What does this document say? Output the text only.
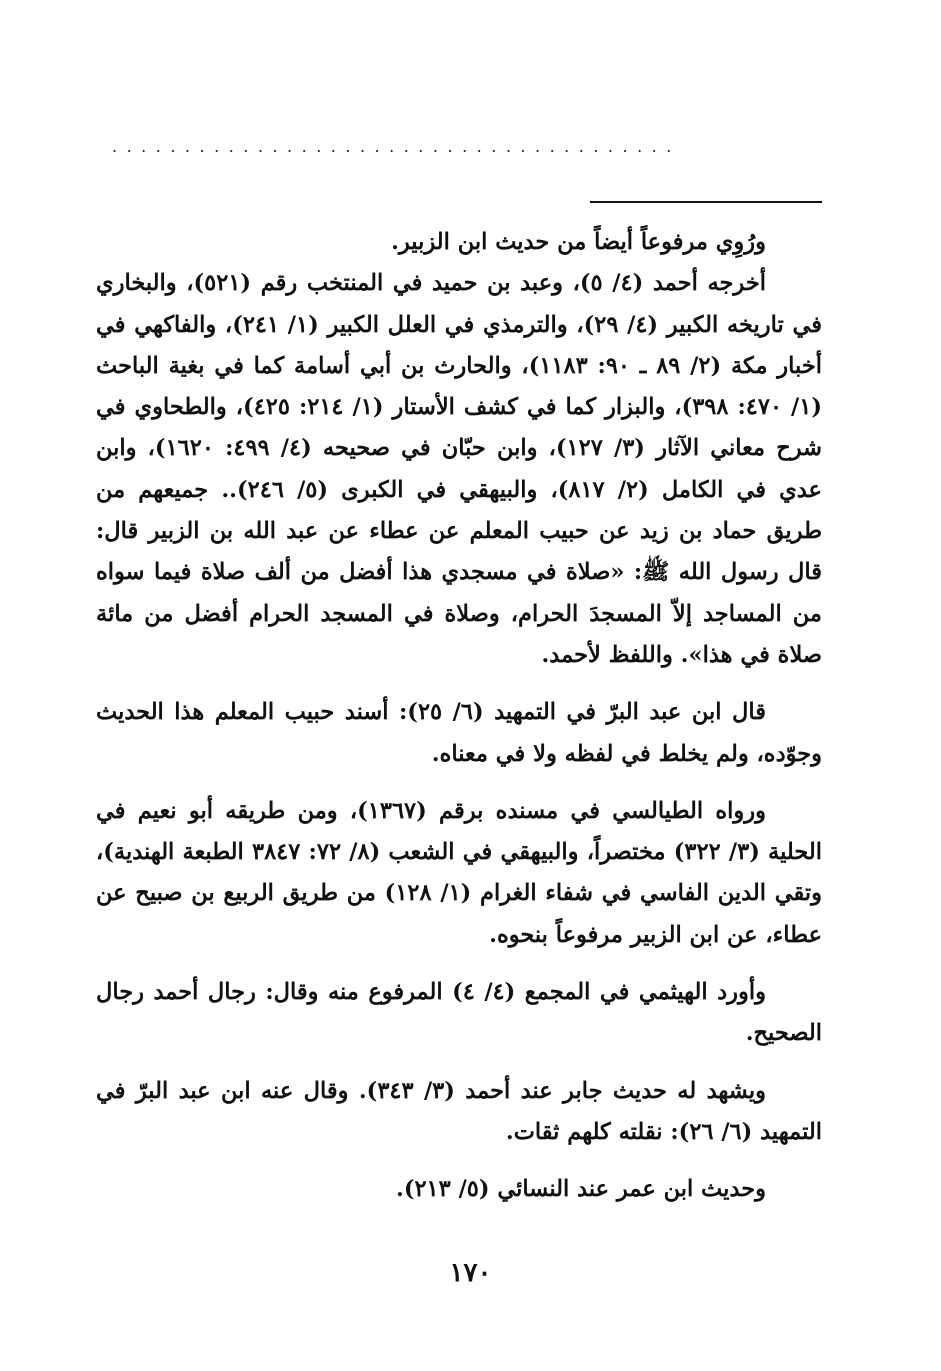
.......................................

ورُوِي مرفوعاً أيضاً من حديث ابن الزبير.

أخرجه أحمد (٤/ ٥)، وعبد بن حميد في المنتخب رقم (٥٢١)، والبخاري في تاريخه الكبير (٤/ ٢٩)، والترمذي في العلل الكبير (١/ ٢٤١)، والفاكهي في أخبار مكة (٢/ ٨٩ ـ ٩٠: ١١٨٣)، والحارث بن أبي أسامة كما في بغية الباحث (١/ ٤٧٠: ٣٩٨)، والبزار كما في كشف الأستار (١/ ٢١٤: ٤٢٥)، والطحاوي في شرح معاني الآثار (٣/ ١٢٧)، وابن حبّان في صحيحه (٤/ ٤٩٩: ١٦٢٠)، وابن عدي في الكامل (٢/ ٨١٧)، والبيهقي في الكبرى (٥/ ٢٤٦).. جميعهم من طريق حماد بن زيد عن حبيب المعلم عن عطاء عن عبد الله بن الزبير قال: قال رسول الله ﷺ: «صلاة في مسجدي هذا أفضل من ألف صلاة فيما سواه من المساجد إلاّ المسجدَ الحرام، وصلاة في المسجد الحرام أفضل من مائة صلاة في هذا». واللفظ لأحمد.

قال ابن عبد البرّ في التمهيد (٦/ ٢٥): أسند حبيب المعلم هذا الحديث وجوّده، ولم يخلط في لفظه ولا في معناه.

ورواه الطيالسي في مسنده برقم (١٣٦٧)، ومن طريقه أبو نعيم في الحلية (٣/ ٣٢٢) مختصراً، والبيهقي في الشعب (٨/ ٧٢: ٣٨٤٧ الطبعة الهندية)، وتقي الدين الفاسي في شفاء الغرام (١/ ١٢٨) من طريق الربيع بن صبيح عن عطاء، عن ابن الزبير مرفوعاً بنحوه.

وأورد الهيثمي في المجمع (٤/ ٤) المرفوع منه وقال: رجال أحمد رجال الصحيح.

ويشهد له حديث جابر عند أحمد (٣/ ٣٤٣). وقال عنه ابن عبد البرّ في التمهيد (٦/ ٢٦): نقلته كلهم ثقات.

وحديث ابن عمر عند النسائي (٥/ ٢١٣).

١٧٠
